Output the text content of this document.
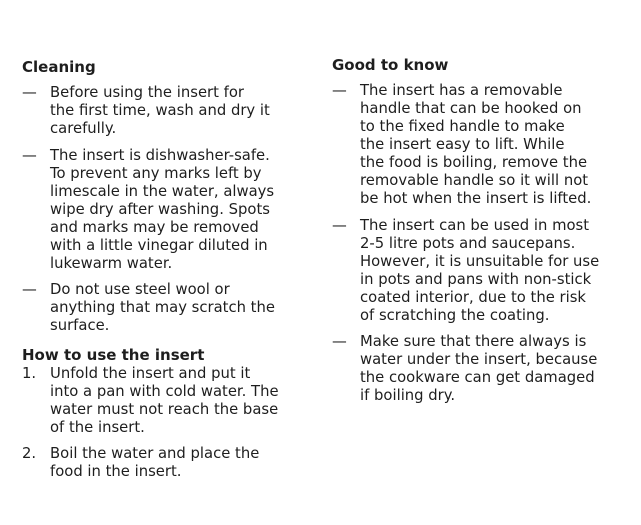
Cleaning
— Before using the insert for
the first time, wash and dry it
carefully.
— The insert is dishwasher-safe.
To prevent any marks left by
limescale in the water, always
wipe dry after washing. Spots
and marks may be removed
with a little vinegar diluted in
lukewarm water.
— Do not use steel wool or
anything that may scratch the
surface.
How to use the insert
1. Unfold the insert and put it
into a pan with cold water. The
water must not reach the base
of the insert.
2. Boil the water and place the
food in the insert.
Good to know
— The insert has a removable
handle that can be hooked on
to the fixed handle to make
the insert easy to lift. While
the food is boiling, remove the
removable handle so it will not
be hot when the insert is lifted.
— The insert can be used in most
2-5 litre pots and saucepans.
However, it is unsuitable for use
in pots and pans with non-stick
coated interior, due to the risk
of scratching the coating.
— Make sure that there always is
water under the insert, because
the cookware can get damaged
if boiling dry.
